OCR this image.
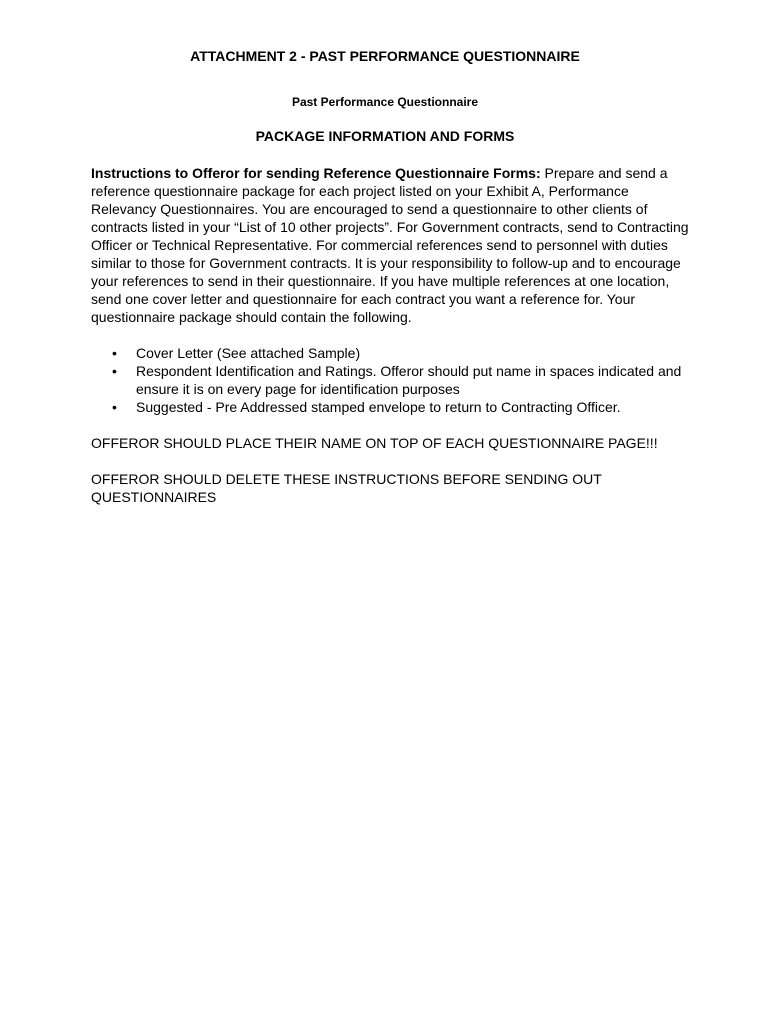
ATTACHMENT 2 - PAST PERFORMANCE QUESTIONNAIRE
Past Performance Questionnaire
PACKAGE INFORMATION AND FORMS

Instructions to Offeror for sending Reference Questionnaire Forms: Prepare and send a reference questionnaire package for each project listed on your Exhibit A, Performance Relevancy Questionnaires. You are encouraged to send a questionnaire to other clients of contracts listed in your “List of 10 other projects”. For Government contracts, send to Contracting Officer or Technical Representative. For commercial references send to personnel with duties similar to those for Government contracts. It is your responsibility to follow-up and to encourage your references to send in their questionnaire. If you have multiple references at one location, send one cover letter and questionnaire for each contract you want a reference for. Your questionnaire package should contain the following.

• Cover Letter (See attached Sample)
• Respondent Identification and Ratings. Offeror should put name in spaces indicated and ensure it is on every page for identification purposes
• Suggested - Pre Addressed stamped envelope to return to Contracting Officer.

OFFEROR SHOULD PLACE THEIR NAME ON TOP OF EACH QUESTIONNAIRE PAGE!!!

OFFEROR SHOULD DELETE THESE INSTRUCTIONS BEFORE SENDING OUT QUESTIONNAIRES
